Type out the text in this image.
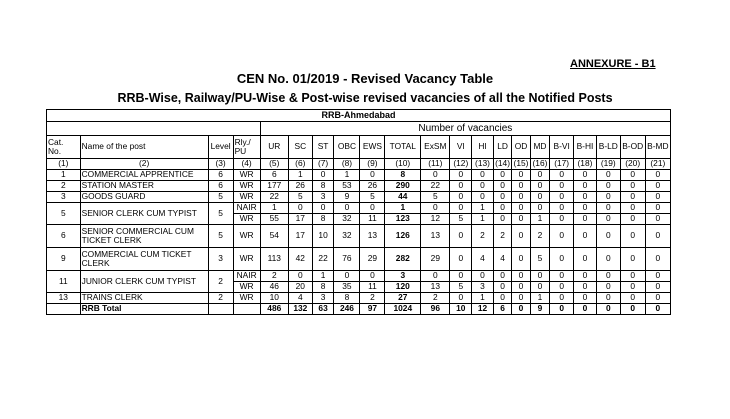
ANNEXURE - B1
CEN No. 01/2019 - Revised Vacancy Table
RRB-Wise, Railway/PU-Wise & Post-wise revised vacancies of all the Notified Posts
RRB-Ahmedabad																				
				Number of vacancies																
Cat. No.	Name of the post	Level	Rly./ PU	UR	SC	ST	OBC	EWS	TOTAL	ExSM	VI	HI	LD	OD	MD	B-VI	B-HI	B-LD	B-OD	B-MD
(1)	(2)	(3)	(4)	(5)	(6)	(7)	(8)	(9)	(10)	(11)	(12)	(13)	(14)	(15)	(16)	(17)	(18)	(19)	(20)	(21)
1	COMMERCIAL APPRENTICE	6	WR	6	1	0	1	0	8	0	0	0	0	0	0	0	0	0	0	0
2	STATION MASTER	6	WR	177	26	8	53	26	290	22	0	0	0	0	0	0	0	0	0	0
3	GOODS GUARD	5	WR	22	5	3	9	5	44	5	0	0	0	0	0	0	0	0	0	0
5	SENIOR CLERK CUM TYPIST	5	NAIR	1	0	0	0	0	1	0	0	1	0	0	0	0	0	0	0	0
			WR	55	17	8	32	11	123	12	5	1	0	0	1	0	0	0	0	0
6	SENIOR COMMERCIAL CUM TICKET CLERK	5	WR	54	17	10	32	13	126	13	0	2	2	0	2	0	0	0	0	0
9	COMMERCIAL CUM TICKET CLERK	3	WR	113	42	22	76	29	282	29	0	4	4	0	5	0	0	0	0	0
11	JUNIOR CLERK CUM TYPIST	2	NAIR	2	0	1	0	0	3	0	0	0	0	0	0	0	0	0	0	0
			WR	46	20	8	35	11	120	13	5	3	0	0	0	0	0	0	0	0
13	TRAINS CLERK	2	WR	10	4	3	8	2	27	2	0	1	0	0	1	0	0	0	0	0
	RRB Total			486	132	63	246	97	1024	96	10	12	6	0	9	0	0	0	0	0
